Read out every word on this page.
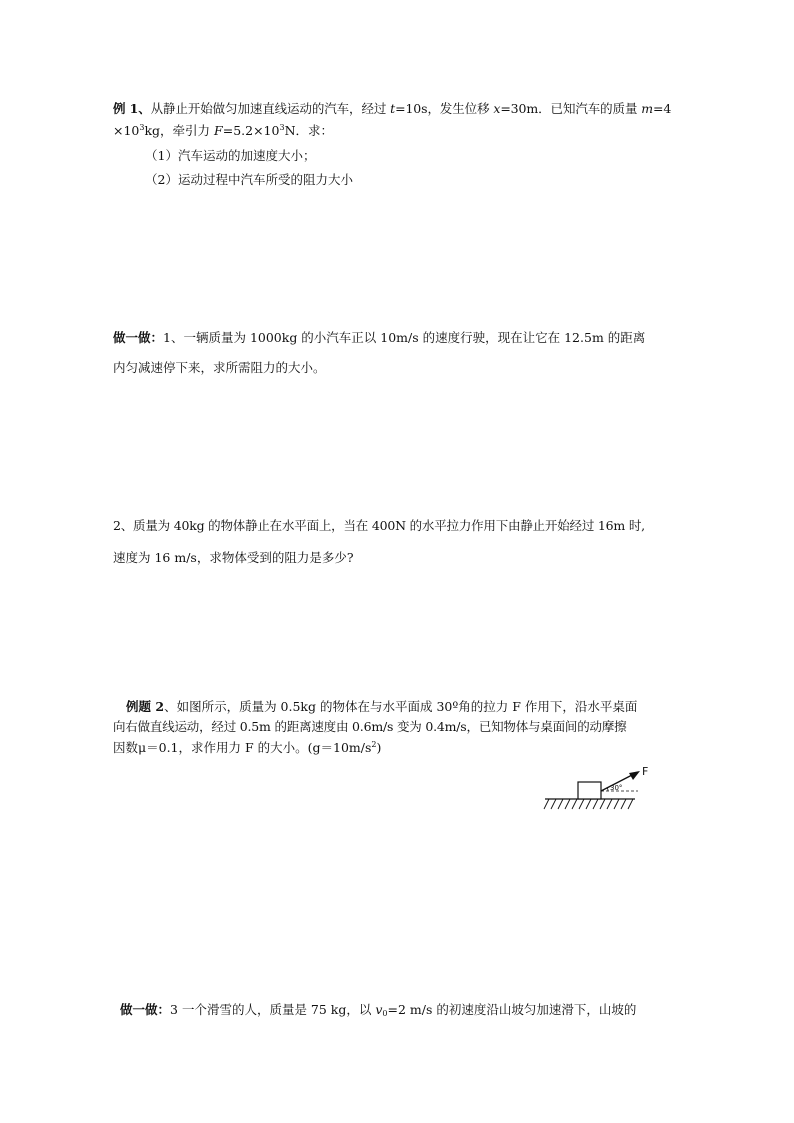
例 1、从静止开始做匀加速直线运动的汽车，经过 t=10s，发生位移 x=30m．已知汽车的质量 m=4
$\times 10^3kg$，牵引力 $F=5.2\times 10^3N$．求：
（1）汽车运动的加速度大小；
（2）运动过程中汽车所受的阻力大小
做一做：1、一辆质量为 1000kg 的小汽车正以 10m/s 的速度行驶，现在让它在 12.5m 的距离
内匀减速停下来，求所需阻力的大小。
2、质量为 40kg 的物体静止在水平面上，当在 400N 的水平拉力作用下由静止开始经过 16m 时,
速度为 16 m/s，求物体受到的阻力是多少?
例题 2、如图所示，质量为 0.5kg 的物体在与水平面成 30º角的拉力 F 作用下，沿水平桌面
向右做直线运动，经过 0.5m 的距离速度由 0.6m/s 变为 0.4m/s，已知物体与桌面间的动摩擦
因数μ＝0.1，求作用力 F 的大小。$(g=10m/s^2)$
30°
F
做一做：3 一个滑雪的人，质量是 75 kg，以 $v_0=2$ m/s 的初速度沿山坡匀加速滑下，山坡的
